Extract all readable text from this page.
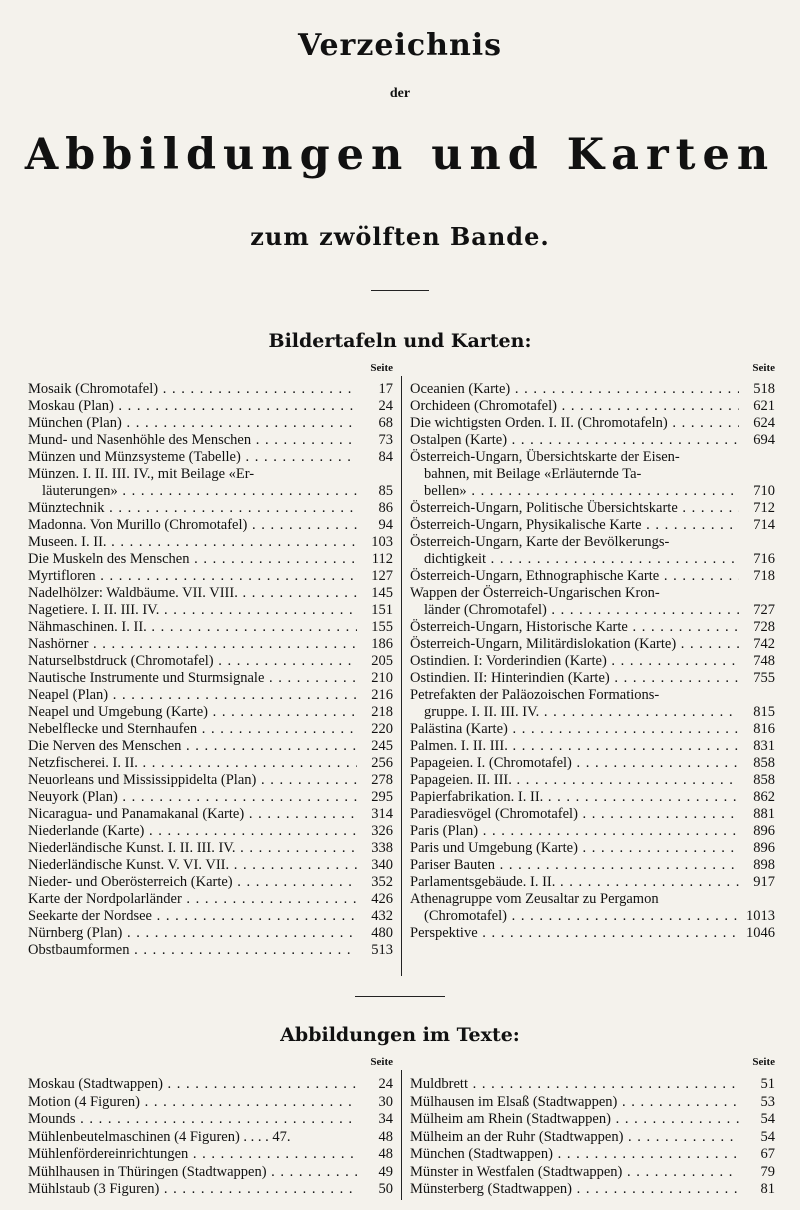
Verzeichnis
der
Abbildungen und Karten
zum zwölften Bande.
Bildertafeln und Karten:
Seite
Mosaik (Chromotafel) . . .	17
Moskau (Plan) . . .	24
München (Plan) . . .	68
Mund- und Nasenhöhle des Menschen . . .	73
Münzen und Münzsysteme (Tabelle) . . .	84
Münzen. I. II. III. IV., mit Beilage «Er-
läuterungen» . . .	85
Münztechnik . . .	86
Madonna. Von Murillo (Chromotafel) . . .	94
Museen. I. II. . . .	103
Die Muskeln des Menschen . . .	112
Myrtifloren . . .	127
Nadelhölzer: Waldbäume. VII. VIII. . . .	145
Nagetiere. I. II. III. IV. . . .	151
Nähmaschinen. I. II. . . .	155
Nashörner . . .	186
Naturselbstdruck (Chromotafel) . . .	205
Nautische Instrumente und Sturmsignale . . .	210
Neapel (Plan) . . .	216
Neapel und Umgebung (Karte) . . .	218
Nebelflecke und Sternhaufen . . .	220
Die Nerven des Menschen . . .	245
Netzfischerei. I. II. . . .	256
Neuorleans und Mississippidelta (Plan) . . .	278
Neuyork (Plan) . . .	295
Nicaragua- und Panamakanal (Karte) . . .	314
Niederlande (Karte) . . .	326
Niederländische Kunst. I. II. III. IV. . . .	338
Niederländische Kunst. V. VI. VII. . . .	340
Nieder- und Oberösterreich (Karte) . . .	352
Karte der Nordpolarländer . . .	426
Seekarte der Nordsee . . .	432
Nürnberg (Plan) . . .	480
Obstbaumformen . . .	513
Seite
Oceanien (Karte) . . .	518
Orchideen (Chromotafel) . . .	621
Die wichtigsten Orden. I. II. (Chromotafeln) . . .	624
Ostalpen (Karte) . . .	694
Österreich-Ungarn, Übersichtskarte der Eisen-
bahnen, mit Beilage «Erläuternde Ta-
bellen» . . .	710
Österreich-Ungarn, Politische Übersichtskarte . . .	712
Österreich-Ungarn, Physikalische Karte . . .	714
Österreich-Ungarn, Karte der Bevölkerungs-
dichtigkeit . . .	716
Österreich-Ungarn, Ethnographische Karte . . .	718
Wappen der Österreich-Ungarischen Kron-
länder (Chromotafel) . . .	727
Österreich-Ungarn, Historische Karte . . .	728
Österreich-Ungarn, Militärdislokation (Karte) . . .	742
Ostindien. I: Vorderindien (Karte) . . .	748
Ostindien. II: Hinterindien (Karte) . . .	755
Petrefakten der Paläozoischen Formations-
gruppe. I. II. III. IV. . . .	815
Palästina (Karte) . . .	816
Palmen. I. II. III. . . .	831
Papageien. I. (Chromotafel) . . .	858
Papageien. II. III. . . .	858
Papierfabrikation. I. II. . . .	862
Paradiesvögel (Chromotafel) . . .	881
Paris (Plan) . . .	896
Paris und Umgebung (Karte) . . .	896
Pariser Bauten . . .	898
Parlamentsgebäude. I. II. . . .	917
Athenagruppe vom Zeusaltar zu Pergamon
(Chromotafel) . . .	1013
Perspektive . . .	1046
Abbildungen im Texte:
Seite
Moskau (Stadtwappen) . . .	24
Motion (4 Figuren) . . .	30
Mounds . . .	34
Mühlenbeutelmaschinen (4 Figuren) . . . . 47.	48
Mühlenfördereinrichtungen . . .	48
Mühlhausen in Thüringen (Stadtwappen) . . .	49
Mühlstaub (3 Figuren) . . .	50
Seite
Muldbrett . . .	51
Mülhausen im Elsaß (Stadtwappen) . . .	53
Mülheim am Rhein (Stadtwappen) . . .	54
Mülheim an der Ruhr (Stadtwappen) . . .	54
München (Stadtwappen) . . .	67
Münster in Westfalen (Stadtwappen) . . .	79
Münsterberg (Stadtwappen) . . .	81
